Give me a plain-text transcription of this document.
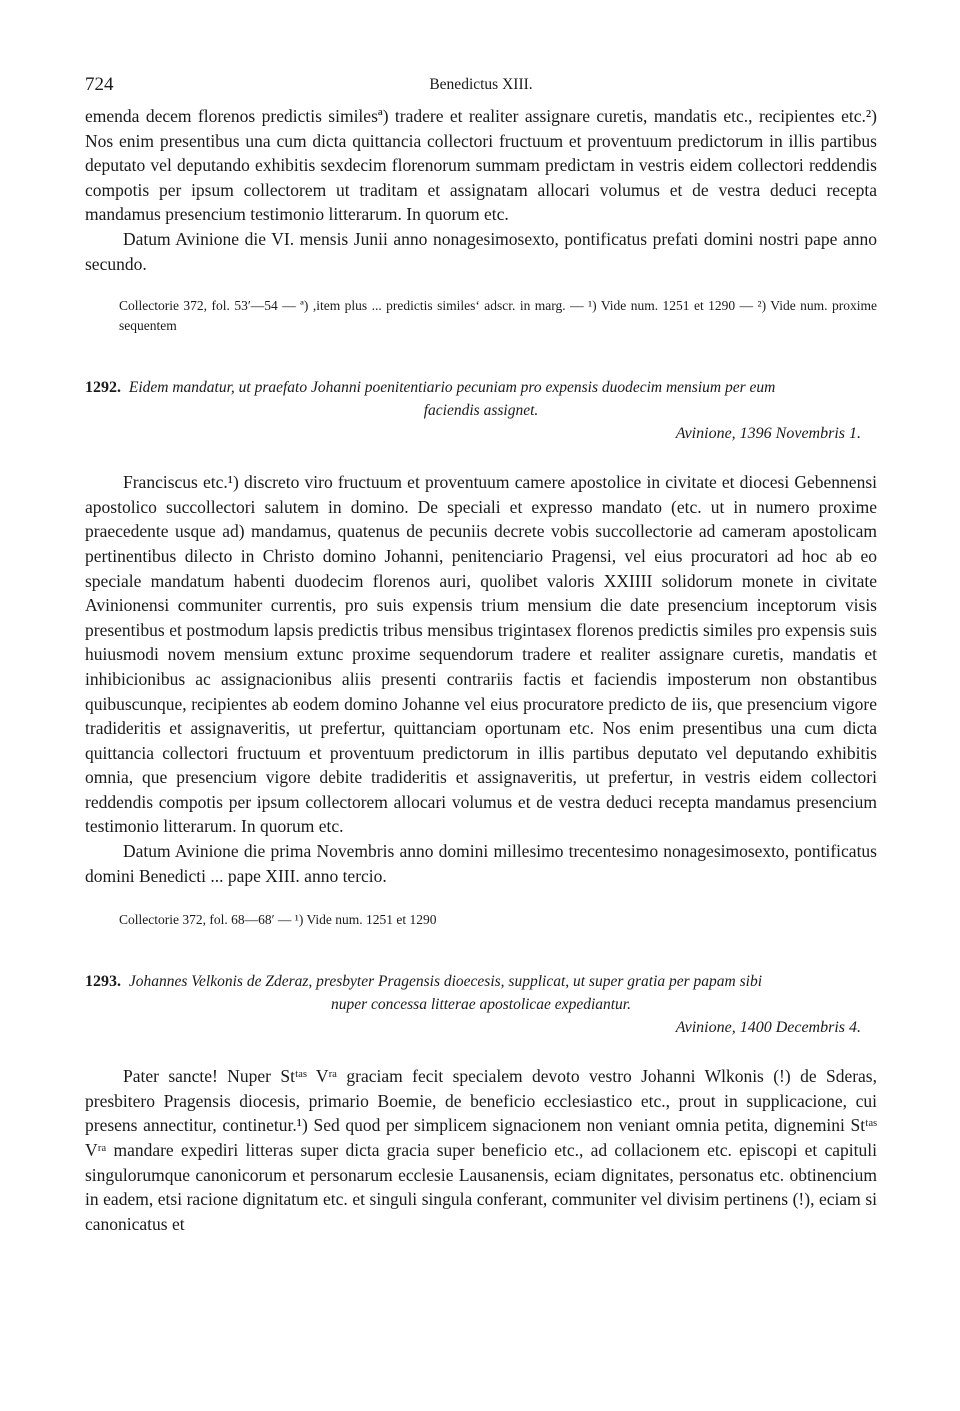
724	Benedictus XIII.

emenda decem florenos predictis similesª) tradere et realiter assignare curetis, mandatis etc., recipientes etc.²) Nos enim presentibus una cum dicta quittancia collectori fructuum et proventuum predictorum in illis partibus deputato vel deputando exhibitis sexdecim florenorum summam predictam in vestris eidem collectori reddendis compotis per ipsum collectorem ut traditam et assignatam allocari volumus et de vestra deduci recepta mandamus presencium testimonio litterarum. In quorum etc.

Datum Avinione die VI. mensis Junii anno nonagesimosexto, pontificatus prefati domini nostri pape anno secundo.

Collectorie 372, fol. 53′—54 — ª) ,item plus ... predictis similes‘ adscr. in marg. — ¹) Vide num. 1251 et 1290 — ²) Vide num. proxime sequentem
1292. Eidem mandatur, ut praefato Johanni poenitentiario pecuniam pro expensis duodecim mensium per eum
faciendis assignet.
Avinione, 1396 Novembris 1.

Franciscus etc.¹) discreto viro fructuum et proventuum camere apostolice in civitate et diocesi Gebennensi apostolico succollectori salutem in domino. De speciali et expresso mandato (etc. ut in numero proxime praecedente usque ad) mandamus, quatenus de pecuniis decrete vobis succollectorie ad cameram apostolicam pertinentibus dilecto in Christo domino Johanni, penitenciario Pragensi, vel eius procuratori ad hoc ab eo speciale mandatum habenti duodecim florenos auri, quolibet valoris XXIIII solidorum monete in civitate Avinionensi communiter currentis, pro suis expensis trium mensium die date presencium inceptorum visis presentibus et postmodum lapsis predictis tribus mensibus trigintasex florenos predictis similes pro expensis suis huiusmodi novem mensium extunc proxime sequendorum tradere et realiter assignare curetis, mandatis et inhibicionibus ac assignacionibus aliis presenti contrariis factis et faciendis imposterum non obstantibus quibuscunque, recipientes ab eodem domino Johanne vel eius procuratore predicto de iis, que presencium vigore tradideritis et assignaveritis, ut prefertur, quittanciam oportunam etc. Nos enim presentibus una cum dicta quittancia collectori fructuum et proventuum predictorum in illis partibus deputato vel deputando exhibitis omnia, que presencium vigore debite tradideritis et assignaveritis, ut prefertur, in vestris eidem collectori reddendis compotis per ipsum collectorem allocari volumus et de vestra deduci recepta mandamus presencium testimonio litterarum. In quorum etc.

Datum Avinione die prima Novembris anno domini millesimo trecentesimo nonagesimosexto, pontificatus domini Benedicti ... pape XIII. anno tercio.

Collectorie 372, fol. 68—68′ — ¹) Vide num. 1251 et 1290
1293. Johannes Velkonis de Zderaz, presbyter Pragensis dioecesis, supplicat, ut super gratia per papam sibi
nuper concessa litterae apostolicae expediantur.
Avinione, 1400 Decembris 4.

Pater sancte! Nuper Stᵗᵃˢ Vʳᵃ graciam fecit specialem devoto vestro Johanni Wlkonis (!) de Sderas, presbitero Pragensis diocesis, primario Boemie, de beneficio ecclesiastico etc., prout in supplicacione, cui presens annectitur, continetur.¹) Sed quod per simplicem signacionem non veniant omnia petita, dignemini Stᵗᵃˢ Vʳᵃ mandare expediri litteras super dicta gracia super beneficio etc., ad collacionem etc. episcopi et capituli singulorumque canonicorum et personarum ecclesie Lausanensis, eciam dignitates, personatus etc. obtinencium in eadem, etsi racione dignitatum etc. et singuli singula conferant, communiter vel divisim pertinens (!), eciam si canonicatus et
